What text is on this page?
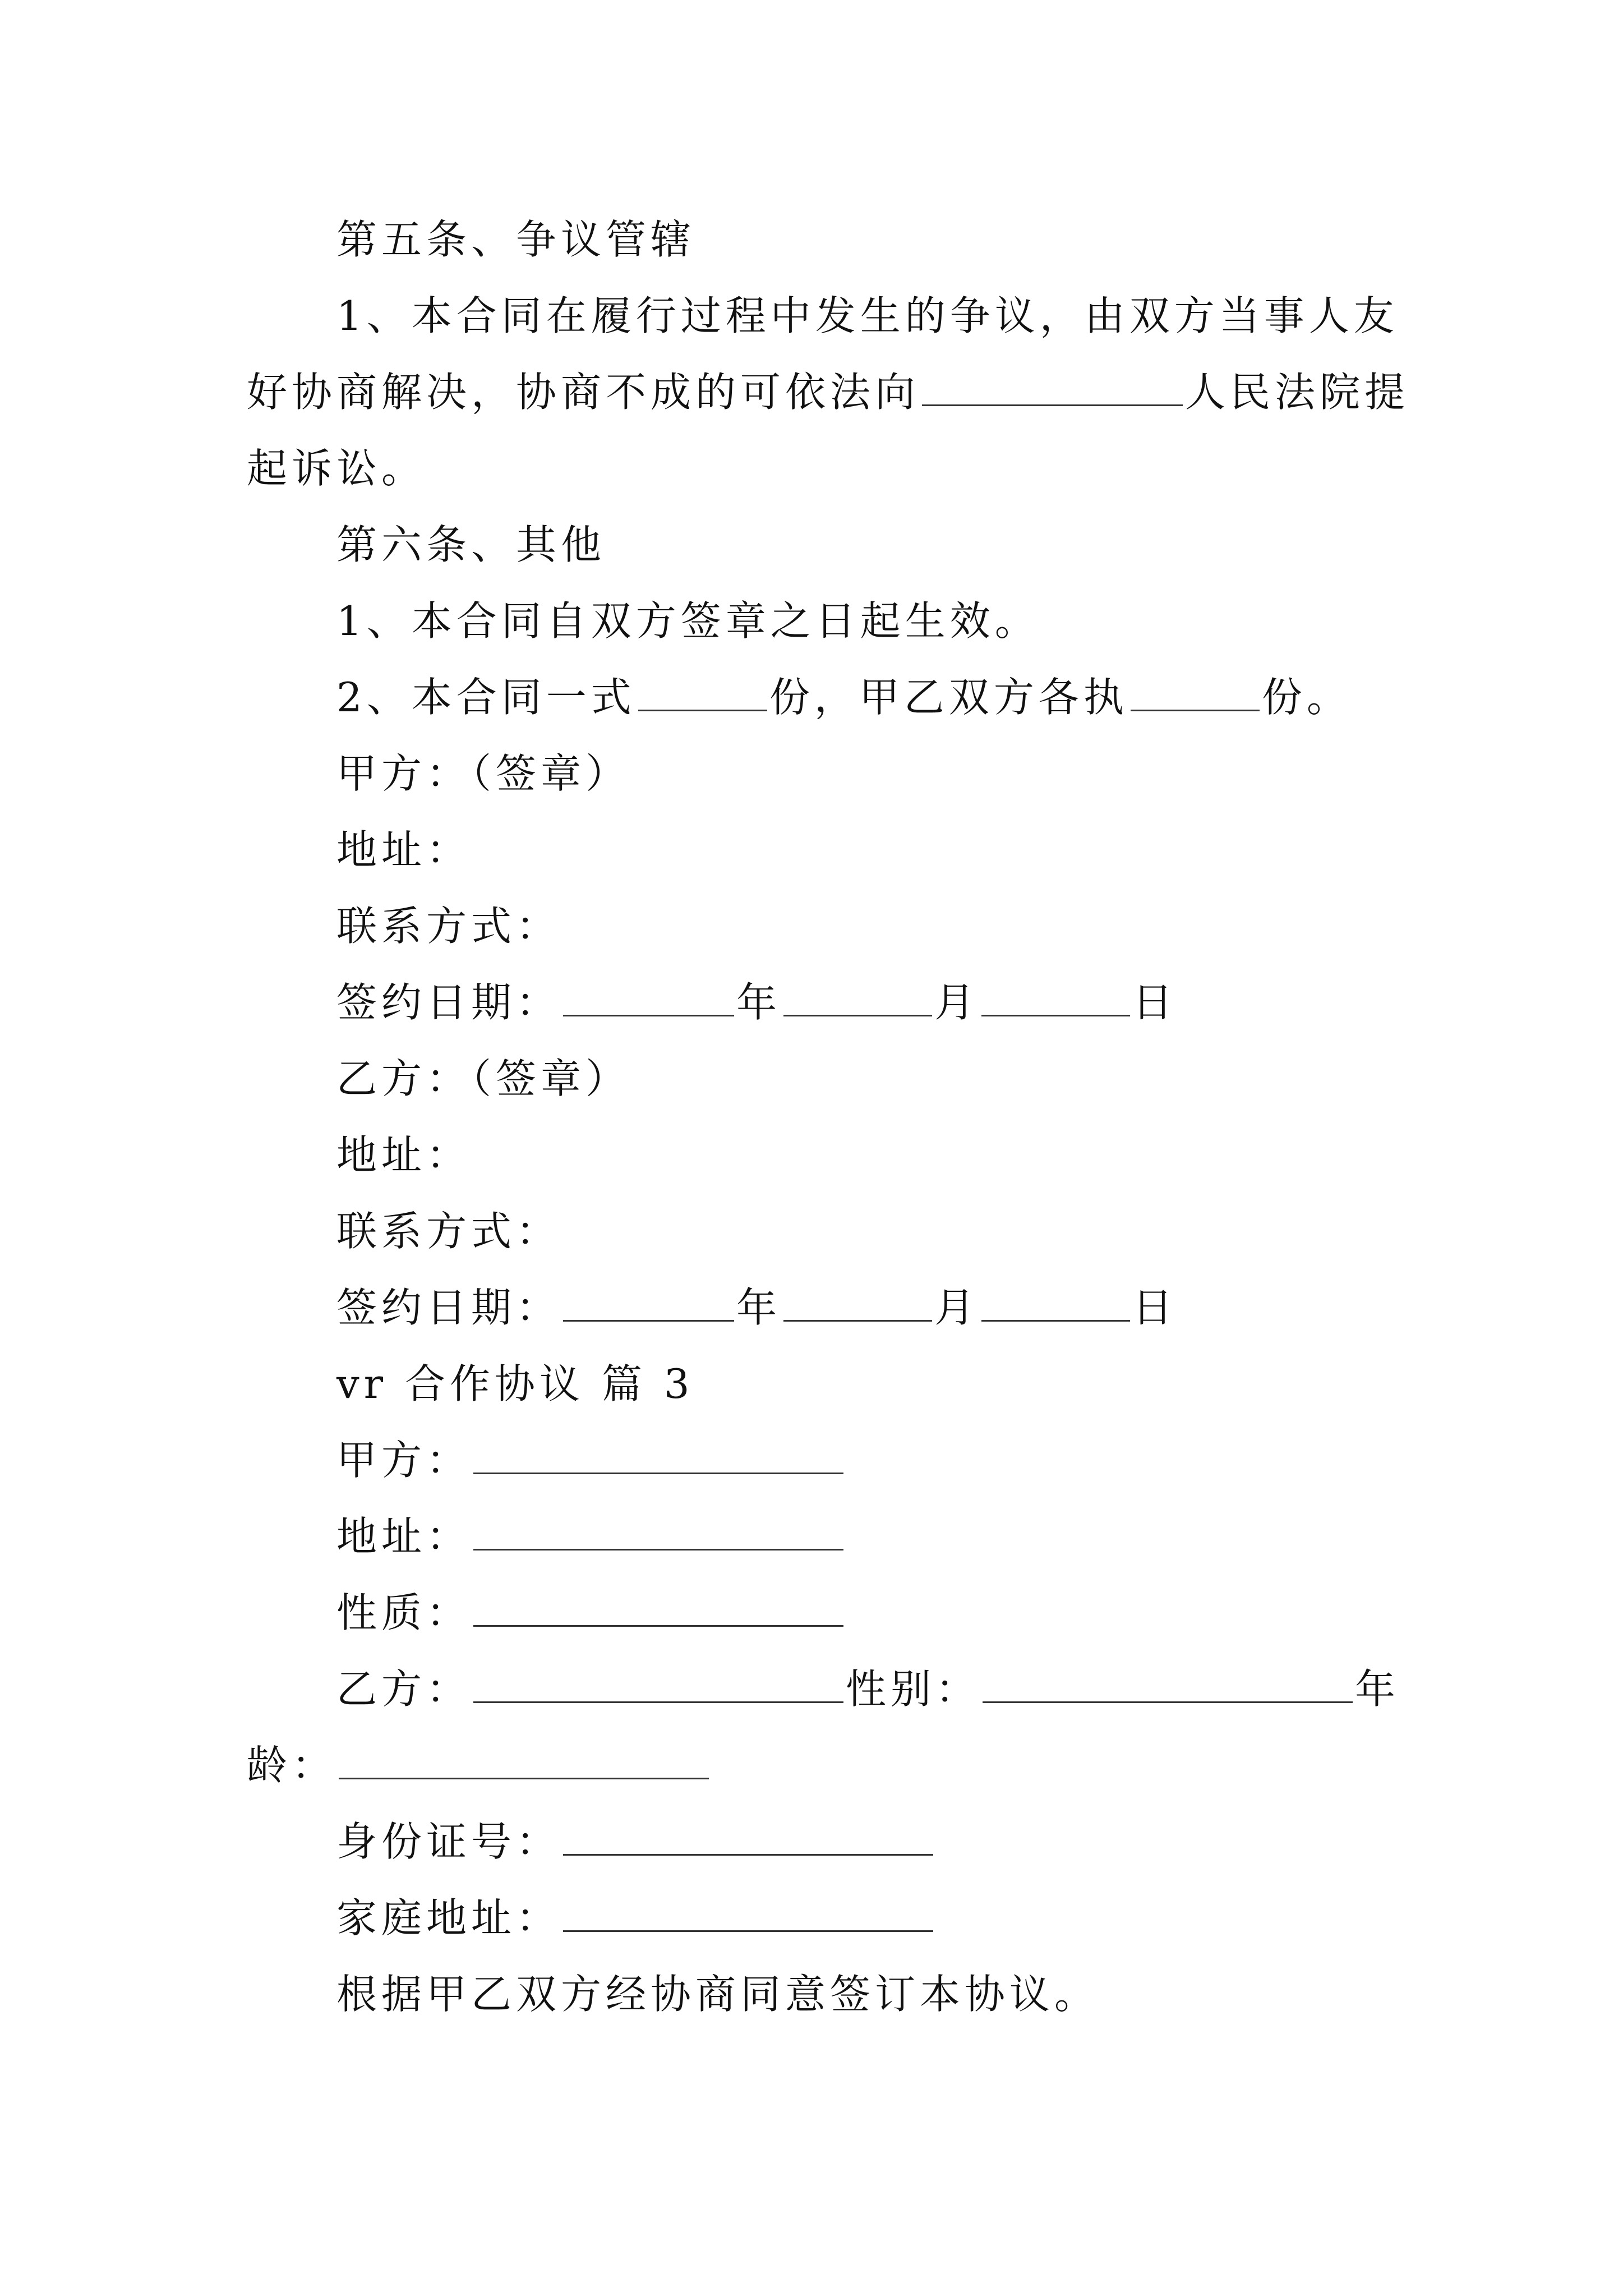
第五条、争议管辖
1、本合同在履行过程中发生的争议，由双方当事人友
好协商解决，协商不成的可依法向	人民法院提
起诉讼。
第六条、其他
1、本合同自双方签章之日起生效。
2、本合同一式	份，甲乙双方各执	份。
甲方：（签章）
地址：
联系方式：
签约日期：	年	月	日
乙方：（签章）
地址：
联系方式：
签约日期：	年	月	日
vr 合作协议 篇 3
甲方：
地址：
性质：
乙方：	性别：	年
龄：
身份证号：
家庭地址：
根据甲乙双方经协商同意签订本协议。
